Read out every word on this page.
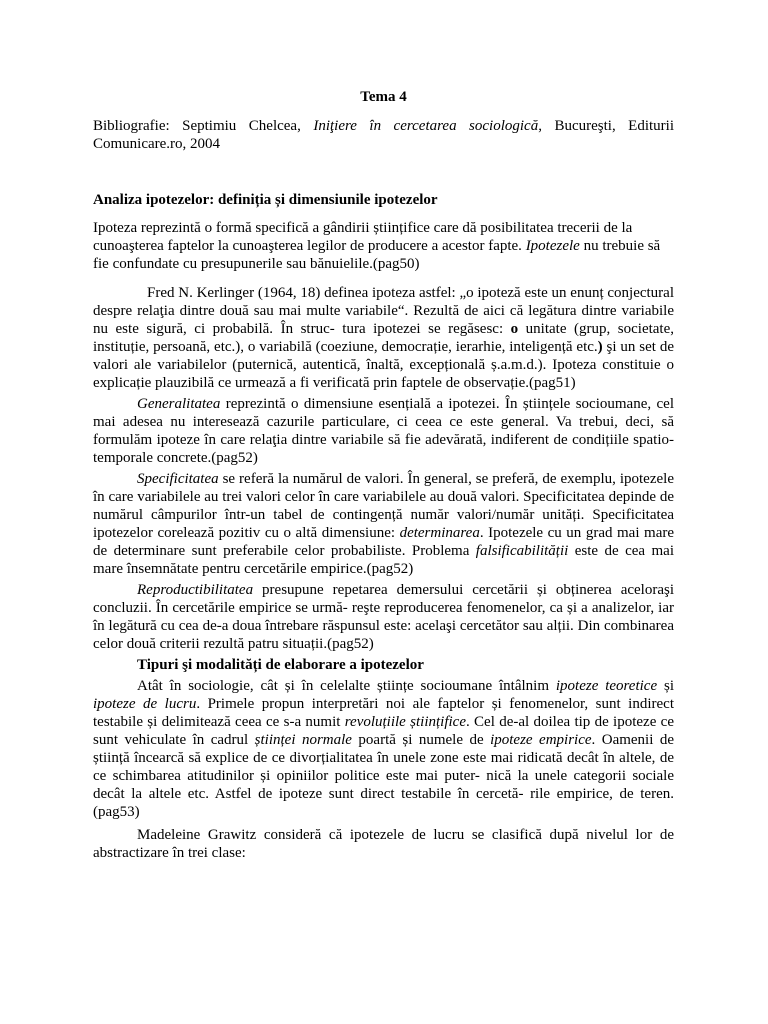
Tema 4

Bibliografie: Septimiu Chelcea, Iniţiere în cercetarea sociologică, Bucureşti, Editurii Comunicare.ro, 2004

Analiza ipotezelor: definiția și dimensiunile ipotezelor

Ipoteza reprezintă o formă specifică a gândirii științifice care dă posibilitatea trecerii de la cunoaşterea faptelor la cunoaşterea legilor de producere a acestor fapte. Ipotezele nu trebuie să fie confundate cu presupunerile sau bănuielile.(pag50)

Fred N. Kerlinger (1964, 18) definea ipoteza astfel: „o ipoteză este un enunț conjectural despre relaţia dintre două sau mai multe variabile“. Rezultă de aici că legătura dintre variabile nu este sigură, ci probabilă. În struc- tura ipotezei se regăsesc: o unitate (grup, societate, instituție, persoană, etc.), o variabilă (coeziune, democrație, ierarhie, inteligență etc.) şi un set de valori ale variabilelor (puternică, autentică, înaltă, excepțională ș.a.m.d.). Ipoteza constituie o explicație plauzibilă ce urmează a fi verificată prin faptele de observație.(pag51)

Generalitatea reprezintă o dimensiune esențială a ipotezei. În științele socioumane, cel mai adesea nu interesează cazurile particulare, ci ceea ce este general. Va trebui, deci, să formulăm ipoteze în care relaţia dintre variabile să fie adevărată, indiferent de condițiile spatio-temporale concrete.(pag52)

Specificitatea se referă la numărul de valori. În general, se preferă, de exemplu, ipotezele în care variabilele au trei valori celor în care variabilele au două valori. Specificitatea depinde de numărul câmpurilor într-un tabel de contingență număr valori/număr unități. Specificitatea ipotezelor corelează pozitiv cu o altă dimensiune: determinarea. Ipotezele cu un grad mai mare de determinare sunt preferabile celor probabiliste. Problema falsificabilității este de cea mai mare însemnătate pentru cercetările empirice.(pag52)

Reproductibilitatea presupune repetarea demersului cercetării și obținerea aceloraşi concluzii. În cercetările empirice se urmă- reşte reproducerea fenomenelor, ca și a analizelor, iar în legătură cu cea de-a doua întrebare răspunsul este: acelaşi cercetător sau alții. Din combinarea celor două criterii rezultă patru situații.(pag52)

Tipuri şi modalități de elaborare a ipotezelor

Atât în sociologie, cât și în celelalte științe socioumane întâlnim ipoteze teoretice și ipoteze de lucru. Primele propun interpretări noi ale faptelor și fenomenelor, sunt indirect testabile și delimitează ceea ce s-a numit revoluțiile științifice. Cel de-al doilea tip de ipoteze ce sunt vehiculate în cadrul științei normale poartă și numele de ipoteze empirice. Oamenii de știință încearcă să explice de ce divorțialitatea în unele zone este mai ridicată decât în altele, de ce schimbarea atitudinilor și opiniilor politice este mai puter- nică la unele categorii sociale decât la altele etc. Astfel de ipoteze sunt direct testabile în cercetă- rile empirice, de teren. (pag53)

Madeleine Grawitz consideră că ipotezele de lucru se clasifică după nivelul lor de abstractizare în trei clase:
